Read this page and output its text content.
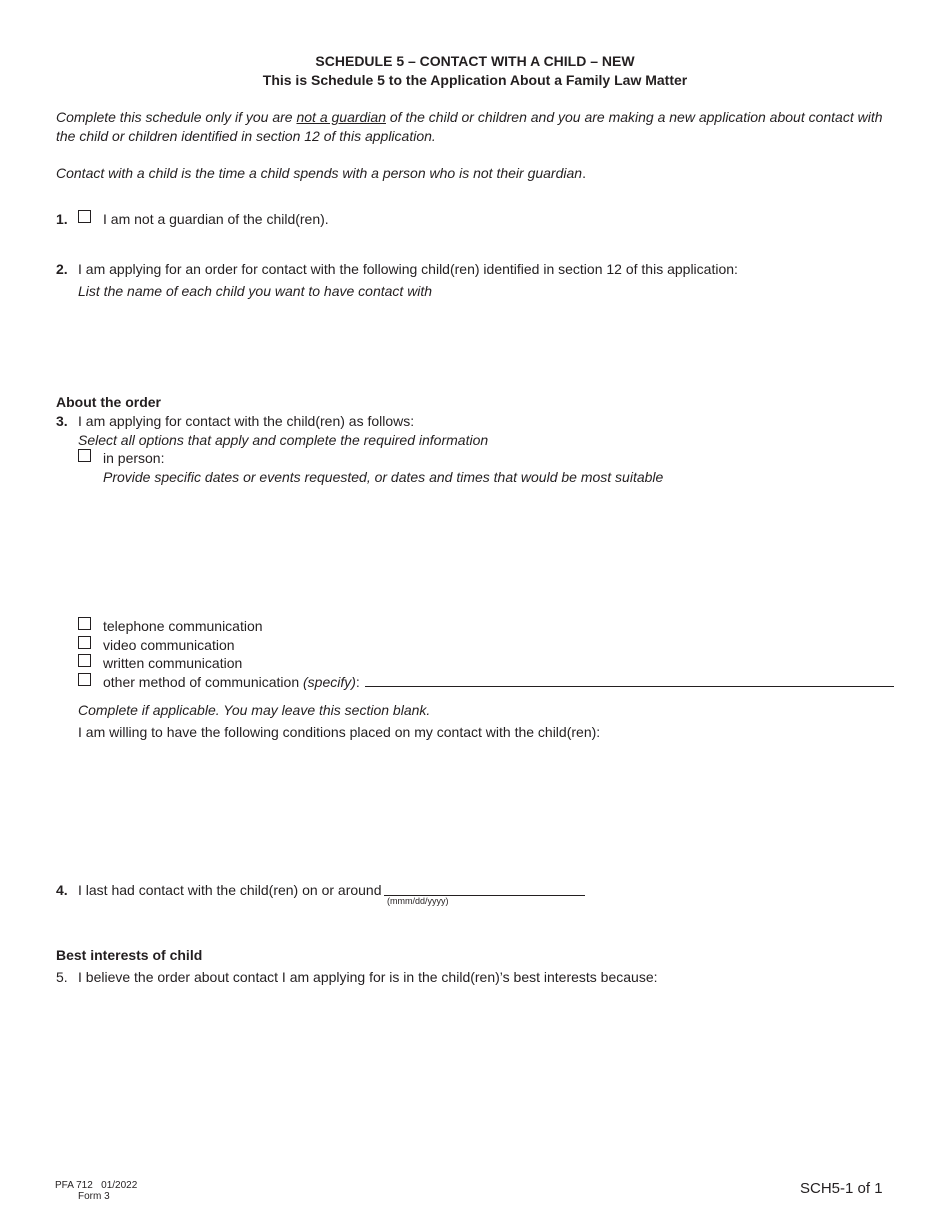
SCHEDULE 5 – CONTACT WITH A CHILD – NEW
This is Schedule 5 to the Application About a Family Law Matter
Complete this schedule only if you are not a guardian of the child or children and you are making a new application about contact with
the child or children identified in section 12 of this application.
Contact with a child is the time a child spends with a person who is not their guardian.
1.	I am not a guardian of the child(ren).
2. I am applying for an order for contact with the following child(ren) identified in section 12 of this application:
List the name of each child you want to have contact with
About the order
3. I am applying for contact with the child(ren) as follows:
Select all options that apply and complete the required information
in person:
Provide specific dates or events requested, or dates and times that would be most suitable
telephone communication
video communication
written communication
other method of communication (specify):
Complete if applicable. You may leave this section blank.
I am willing to have the following conditions placed on my contact with the child(ren):
4. I last had contact with the child(ren) on or around
(mmm/dd/yyyy)
Best interests of child
5. I believe the order about contact I am applying for is in the child(ren)’s best interests because:
PFA 712   01/2022
Form 3	SCH5-1 of 1
